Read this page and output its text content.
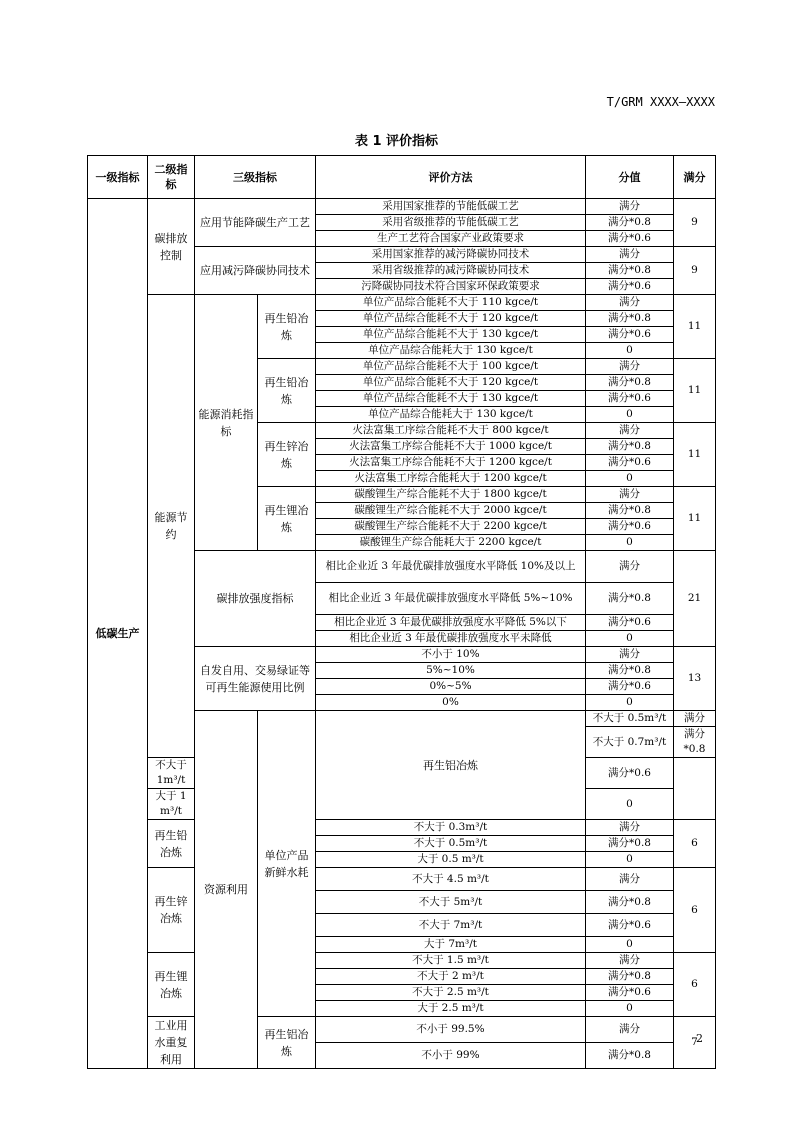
T/GRM XXXX—XXXX
表 1 评价指标
一级指标	二级指标	三级指标		评价方法	分值	满分	
低碳生产	碳排放控制	应用节能降碳生产工艺		采用国家推荐的节能低碳工艺	满分	9	
				采用省级推荐的节能低碳工艺	满分*0.8		
				生产工艺符合国家产业政策要求	满分*0.6		
		应用减污降碳协同技术		采用国家推荐的减污降碳协同技术	满分	9	
				采用省级推荐的减污降碳协同技术	满分*0.8		
				污降碳协同技术符合国家环保政策要求	满分*0.6		
	能源节约	能源消耗指标	再生铅冶炼	单位产品综合能耗不大于 110 kgce/t	满分	11	
				单位产品综合能耗不大于 120 kgce/t	满分*0.8		
				单位产品综合能耗不大于 130 kgce/t	满分*0.6		
				单位产品综合能耗大于 130 kgce/t	0		
			再生铅冶炼	单位产品综合能耗不大于 100 kgce/t	满分	11	
				单位产品综合能耗不大于 120 kgce/t	满分*0.8		
				单位产品综合能耗不大于 130 kgce/t	满分*0.6		
				单位产品综合能耗大于 130 kgce/t	0		
			再生锌冶炼	火法富集工序综合能耗不大于 800 kgce/t	满分	11	
				火法富集工序综合能耗不大于 1000 kgce/t	满分*0.8		
				火法富集工序综合能耗不大于 1200 kgce/t	满分*0.6		
				火法富集工序综合能耗大于 1200 kgce/t	0		
			再生锂冶炼	碳酸锂生产综合能耗不大于 1800 kgce/t	满分	11	
				碳酸锂生产综合能耗不大于 2000 kgce/t	满分*0.8		
				碳酸锂生产综合能耗不大于 2200 kgce/t	满分*0.6		
				碳酸锂生产综合能耗大于 2200 kgce/t	0		
		碳排放强度指标		相比企业近 3 年最优碳排放强度水平降低 10%及以上	满分	21	
				相比企业近 3 年最优碳排放强度水平降低 5%~10%	满分*0.8		
				相比企业近 3 年最优碳排放强度水平降低 5%以下	满分*0.6		
				相比企业近 3 年最优碳排放强度水平未降低	0		
		自发自用、交易绿证等可再生能源使用比例		不小于 10%	满分	13	
				5%~10%	满分*0.8		
				0%~5%	满分*0.6		
				0%	0		
		资源利用	单位产品新鲜水耗	再生铝冶炼	不大于 0.5m³/t	满分	
					不大于 0.7m³/t	满分*0.8	
	不大于 1m³/t				满分*0.6		
	大于 1 m³/t				0		
	再生铅冶炼			不大于 0.3m³/t	满分	6	
				不大于 0.5m³/t	满分*0.8		
				大于 0.5 m³/t	0		
	再生锌冶炼			不大于 4.5 m³/t	满分	6	
				不大于 5m³/t	满分*0.8		
				不大于 7m³/t	满分*0.6		
				大于 7m³/t	0		
	再生锂冶炼			不大于 1.5 m³/t	满分	6	
				不大于 2 m³/t	满分*0.8		
				不大于 2.5 m³/t	满分*0.6		
				大于 2.5 m³/t	0		
	工业用水重复利用		再生铝冶炼	不小于 99.5%	满分	7	
				不小于 99%	满分*0.8		
2
